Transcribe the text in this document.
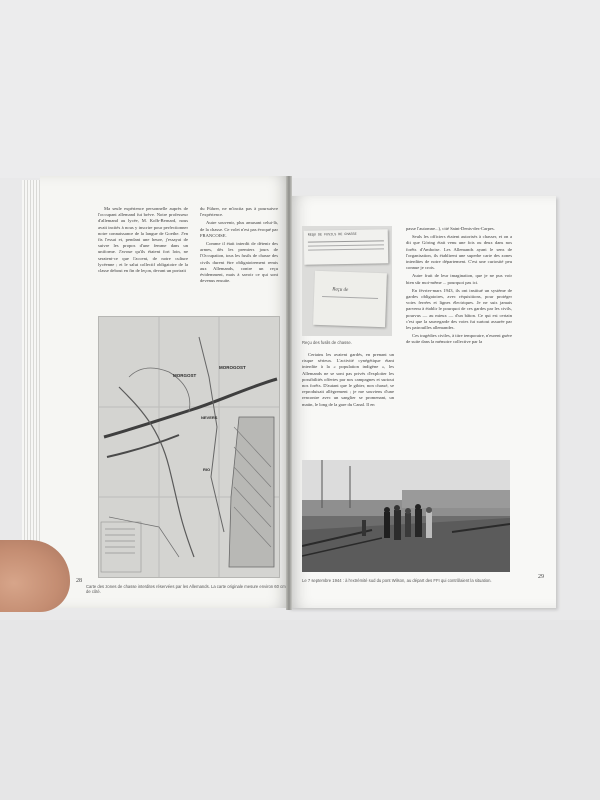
Ma seule expérience personnelle auprès de l'occupant allemand fut brève. Notre professeur d'allemand au lycée, M. Kolb-Bernard, nous avait incités à nous y inscrire pour perfectionner notre connaissance de la langue de Goethe. J'en fis l'essai et, pendant une heure, j'essayai de suivre les propos d'une femme dans un uniforme. J'avoue qu'ils étaient fort loin, ne seraient-ce que l'accent, de notre culture lycéenne ; et le salut collectif obligatoire de la classe debout en fin de leçon, devant un portrait

du Führer, ne m'incita pas à poursuivre l'expérience.

Autre souvenir, plus amusant celui-là, de la chasse. Ce volet n'est pas évoqué par FRANCOISE.

Comme il était interdit de détenir des armes, dès les premiers jours de l'Occupation, tous les fusils de chasse des civils durent être obligatoirement remis aux Allemands, contre un reçu évidemment, mais à savoir ce qui sont devenus ensuite.

MORGOST
MOROGOST
NEVERS
RIO
Carte des zones de chasse interdites réservées par les Allemands. La carte originale mesure environ 60 cm de côté.
28
REQU DE FUSILS DE CHASSE
Reçu de
Reçu des fusils de chasse.

Certains les avaient gardés, en prenant un risque sérieux. L'activité cynégétique étant interdite à la « population indigène », les Allemands ne se sont pas privés d'exploiter les possibilités offertes par nos campagnes et surtout nos forêts. D'autant que le gibier, non chassé, se reproduisait allègrement ; je me souviens d'une rencontre avec un sanglier se promenant, un matin, le long de la gare du Canal. Il en

passe l'automne...), cité Saint-Denis-des-Carpes.

Seuls les officiers étaient autorisés à chasser, et on a dit que Göring était venu une fois ou deux dans nos forêts d'Amboise. Les Allemands ayant le sens de l'organisation, ils établirent une superbe carte des zones interdites de notre département. C'est une curiosité peu connue je crois.

Autre fruit de leur imagination, que je ne pus voir bien sûr moi-même ... pourquoi pas ici.

En février-mars 1943, ils ont institué un système de gardes obligatoires, avec réquisitions, pour protéger voies ferrées et lignes électriques. Je ne suis jamais parvenu à établir le pourquoi de ces gardes par les civils, pourvus — au mieux — d'un bâton. Ce qui est certain c'est que la sauvegarde des voies fut surtout assurée par les patrouilles allemandes.

Ces tragédies civiles, à titre temporaire, n'eurent guère de suite dans la mémoire collective par la

Le 7 septembre 1944 : à l'extrémité sud du pont Wilson, au départ des FFI qui contrôlaient la situation.
29
